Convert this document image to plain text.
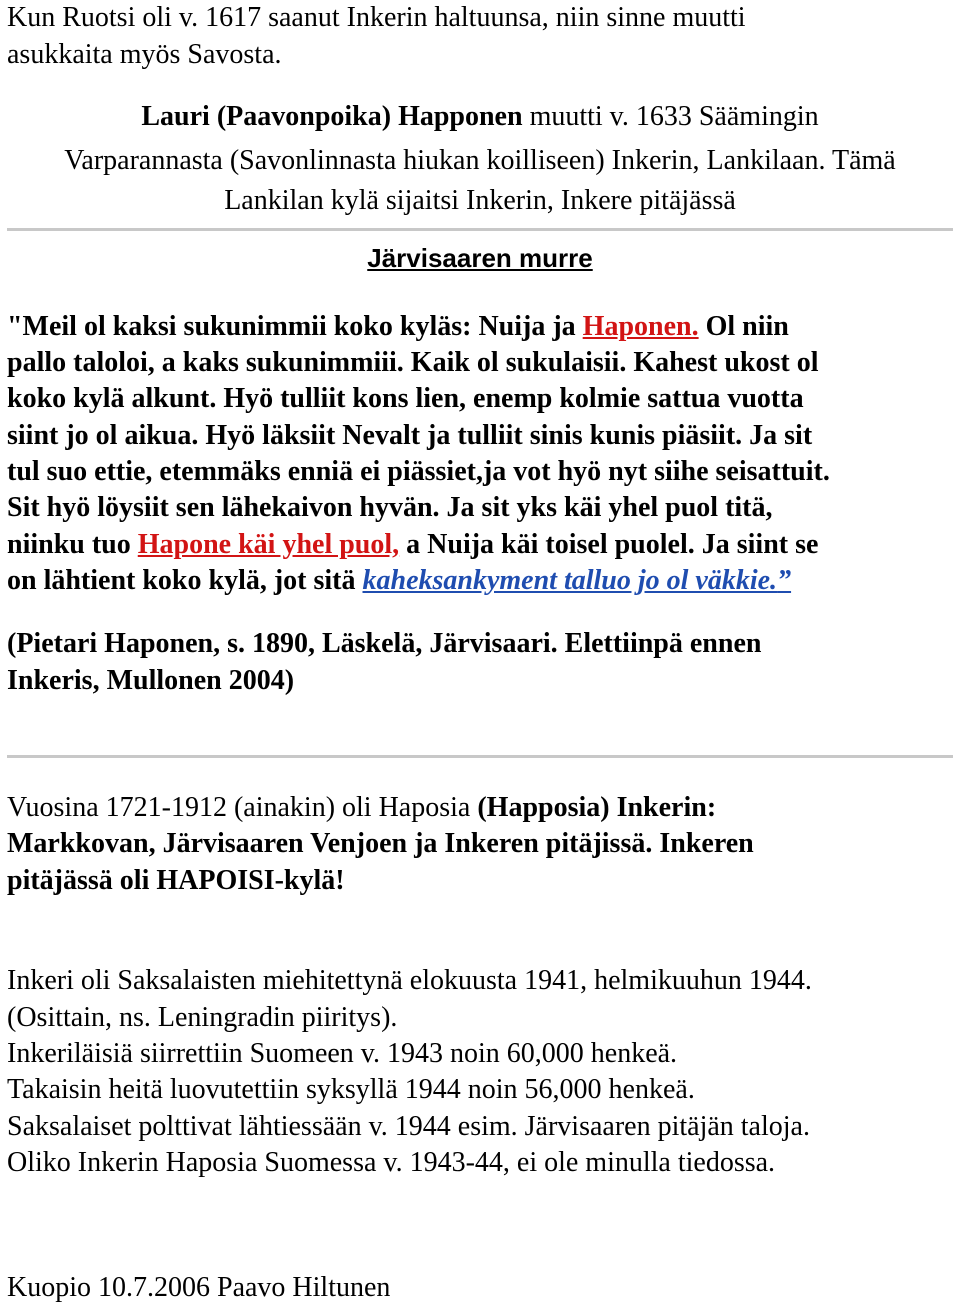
Kun Ruotsi oli v. 1617 saanut Inkerin haltuunsa, niin sinne muutti
asukkaita myös Savosta.
Lauri (Paavonpoika) Happonen muutti v. 1633 Säämingin
Varparannasta (Savonlinnasta hiukan koilliseen) Inkerin, Lankilaan. Tämä
Lankilan kylä sijaitsi Inkerin, Inkere pitäjässä
Järvisaaren murre
"Meil ol kaksi sukunimmii koko kyläs: Nuija ja Haponen. Ol niin
pallo taloloi, a kaks sukunimmiii. Kaik ol sukulaisii. Kahest ukost ol
koko kylä alkunt. Hyö tulliit kons lien, enemp kolmie sattua vuotta
siint jo ol aikua. Hyö läksiit Nevalt ja tulliit sinis kunis piäsiit. Ja sit
tul suo ettie, etemmäks enniä ei piässiet,ja vot hyö nyt siihe seisattuit.
Sit hyö löysiit sen lähekaivon hyvän. Ja sit yks käi yhel puol titä,
niinku tuo Hapone käi yhel puol, a Nuija käi toisel puolel. Ja siint se
on lähtient koko kylä, jot sitä kaheksankyment talluo jo ol väkkie.”
(Pietari Haponen, s. 1890, Läskelä, Järvisaari. Elettiinpä ennen
Inkeris, Mullonen 2004)
Vuosina 1721-1912 (ainakin) oli Haposia (Happosia) Inkerin:
Markkovan, Järvisaaren Venjoen ja Inkeren pitäjissä. Inkeren
pitäjässä oli HAPOISI-kylä!
Inkeri oli Saksalaisten miehitettynä elokuusta 1941, helmikuuhun 1944.
(Osittain, ns. Leningradin piiritys).
Inkeriläisiä siirrettiin Suomeen v. 1943 noin 60,000 henkeä.
Takaisin heitä luovutettiin syksyllä 1944 noin 56,000 henkeä.
Saksalaiset polttivat lähtiessään v. 1944 esim. Järvisaaren pitäjän taloja.
Oliko Inkerin Haposia Suomessa v. 1943-44, ei ole minulla tiedossa.
Kuopio 10.7.2006 Paavo Hiltunen
